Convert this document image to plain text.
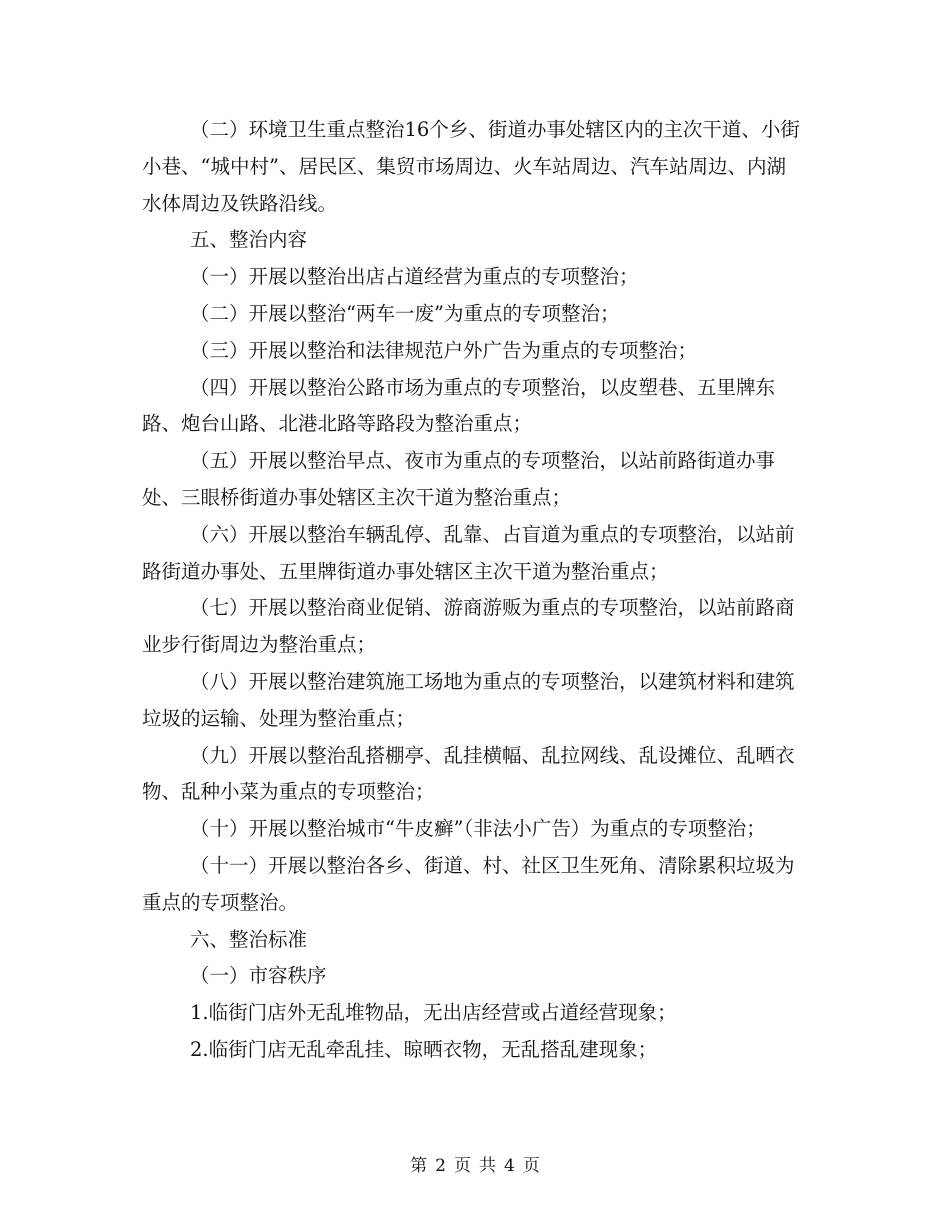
（二）环境卫生重点整治16个乡、街道办事处辖区内的主次干道、小街小巷、“城中村”、居民区、集贸市场周边、火车站周边、汽车站周边、内湖水体周边及铁路沿线。

五、整治内容

（一）开展以整治出店占道经营为重点的专项整治；

（二）开展以整治“两车一废”为重点的专项整治；

（三）开展以整治和法律规范户外广告为重点的专项整治；

（四）开展以整治公路市场为重点的专项整治，以皮塑巷、五里牌东路、炮台山路、北港北路等路段为整治重点；

（五）开展以整治早点、夜市为重点的专项整治，以站前路街道办事处、三眼桥街道办事处辖区主次干道为整治重点；

（六）开展以整治车辆乱停、乱靠、占盲道为重点的专项整治，以站前路街道办事处、五里牌街道办事处辖区主次干道为整治重点；

（七）开展以整治商业促销、游商游贩为重点的专项整治，以站前路商业步行街周边为整治重点；

（八）开展以整治建筑施工场地为重点的专项整治，以建筑材料和建筑垃圾的运输、处理为整治重点；

（九）开展以整治乱搭棚亭、乱挂横幅、乱拉网线、乱设摊位、乱晒衣物、乱种小菜为重点的专项整治；

（十）开展以整治城市“牛皮癣”（非法小广告）为重点的专项整治；

（十一）开展以整治各乡、街道、村、社区卫生死角、清除累积垃圾为重点的专项整治。

六、整治标准

（一）市容秩序

1.临街门店外无乱堆物品，无出店经营或占道经营现象；

2.临街门店无乱牵乱挂、晾晒衣物，无乱搭乱建现象；

第 2 页 共 4 页
